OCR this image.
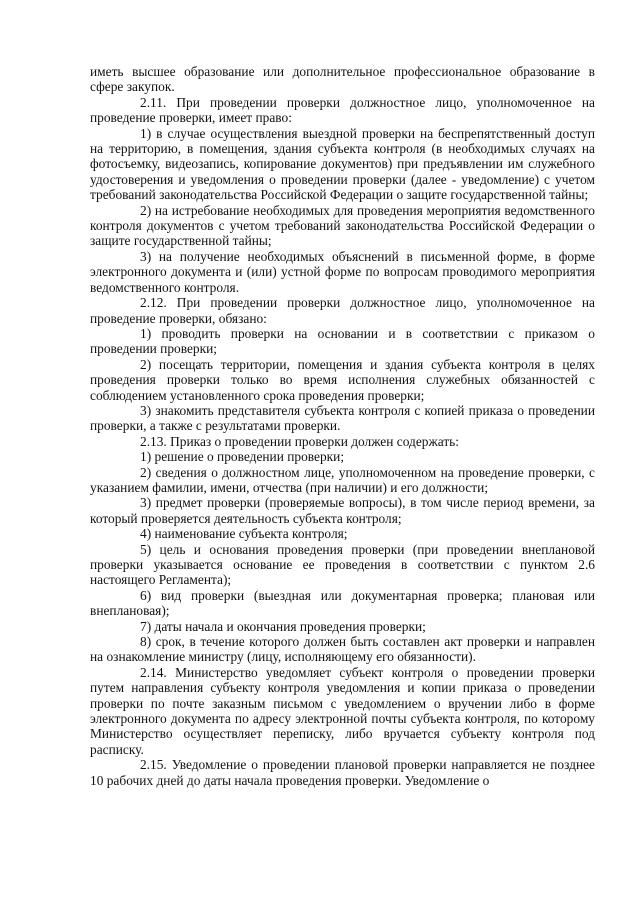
иметь высшее образование или дополнительное профессиональное образование в сфере закупок.

2.11. При проведении проверки должностное лицо, уполномоченное на проведение проверки, имеет право:

1) в случае осуществления выездной проверки на беспрепятственный доступ на территорию, в помещения, здания субъекта контроля (в необходимых случаях на фотосъемку, видеозапись, копирование документов) при предъявлении им служебного удостоверения и уведомления о проведении проверки (далее - уведомление) с учетом требований законодательства Российской Федерации о защите государственной тайны;

2) на истребование необходимых для проведения мероприятия ведомственного контроля документов с учетом требований законодательства Российской Федерации о защите государственной тайны;

3) на получение необходимых объяснений в письменной форме, в форме электронного документа и (или) устной форме по вопросам проводимого мероприятия ведомственного контроля.

2.12. При проведении проверки должностное лицо, уполномоченное на проведение проверки, обязано:

1) проводить проверки на основании и в соответствии с приказом о проведении проверки;

2) посещать территории, помещения и здания субъекта контроля в целях проведения проверки только во время исполнения служебных обязанностей с соблюдением установленного срока проведения проверки;

3) знакомить представителя субъекта контроля с копией приказа о проведении проверки, а также с результатами проверки.

2.13. Приказ о проведении проверки должен содержать:

1) решение о проведении проверки;

2) сведения о должностном лице, уполномоченном на проведение проверки, с указанием фамилии, имени, отчества (при наличии) и его должности;

3) предмет проверки (проверяемые вопросы), в том числе период времени, за который проверяется деятельность субъекта контроля;

4) наименование субъекта контроля;

5) цель и основания проведения проверки (при проведении внеплановой проверки указывается основание ее проведения в соответствии с пунктом 2.6 настоящего Регламента);

6) вид проверки (выездная или документарная проверка; плановая или внеплановая);

7) даты начала и окончания проведения проверки;

8) срок, в течение которого должен быть составлен акт проверки и направлен на ознакомление министру (лицу, исполняющему его обязанности).

2.14. Министерство уведомляет субъект контроля о проведении проверки путем направления субъекту контроля уведомления и копии приказа о проведении проверки по почте заказным письмом с уведомлением о вручении либо в форме электронного документа по адресу электронной почты субъекта контроля, по которому Министерство осуществляет переписку, либо вручается субъекту контроля под расписку.

2.15. Уведомление о проведении плановой проверки направляется не позднее 10 рабочих дней до даты начала проведения проверки. Уведомление о
